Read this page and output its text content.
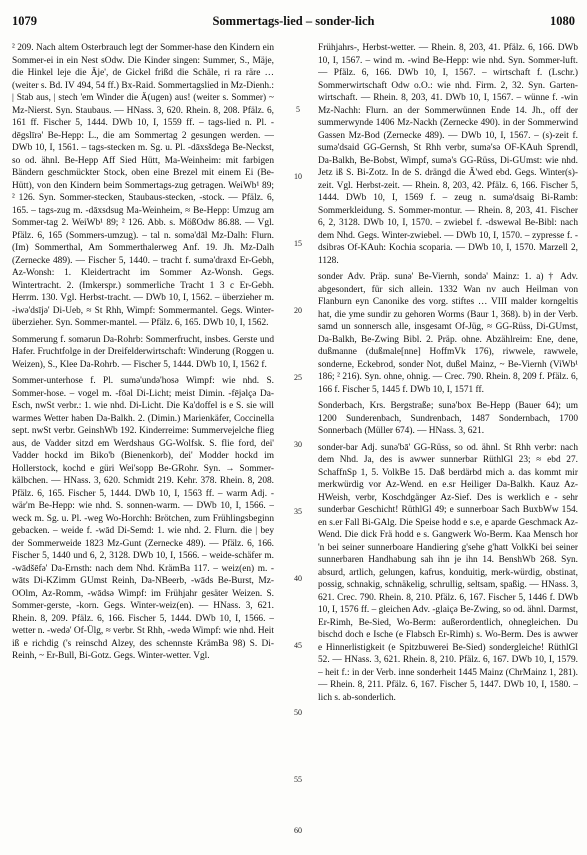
1079	Sommertags-lied – sonder-lich	1080

² 209. Nach altem Osterbrauch legt der Sommer-hase den Kindern ein Sommer-ei in ein Nest sOdw. Die Kinder singen: Summer, S., Mäje, die Hinkel leje die Äje', de Gickel frißd die Schäle, ri ra räre … (weiter s. Bd. IV 494, 54 ff.) Bx-Raid. Sommertagslied in Mz-Dienh.: | Stab aus, | stech 'em Winder die Ä(ugen) aus! (weiter s. Sommer) ~ Mz-Nierst. Syn. Staubaus. — HNass. 3, 620. Rhein. 8, 208. Pfälz. 6, 161 ff. Fischer 5, 1444. DWb 10, I, 1559 ff. – tags-lied n. Pl. -dēgslīrə' Be-Hepp: L., die am Sommertag 2 gesungen werden. — DWb 10, I, 1561. – tags-stecken m. Sg. u. Pl. -dāxsšdegə Be-Neckst, so od. ähnl. Be-Hepp Aff Sied Hütt, Ma-Weinheim: mit farbigen Bändern geschmückter Stock, oben eine Brezel mit einem Ei (Be-Hütt), von den Kindern beim Sommertags-zug getragen. WeiWb¹ 89; ² 126. Syn. Sommer-stecken, Staubaus-stecken, -stock. — Pfälz. 6, 165. – tags-zug m. -dāxsdsug Ma-Weinheim, ≈ Be-Hepp: Umzug am Sommer-tag 2. WeiWb¹ 89; ² 126. Abb. s. MößOdw 86.88. — Vgl. Pfälz. 6, 165 (Sommers-umzug). – tal n. somə'dāl Mz-Dalh: Flurn. (Im) Sommerthal, Am Sommerthalerweg Anf. 19. Jh. Mz-Dalh (Zernecke 489). — Fischer 5, 1440. – tracht f. sumə'draxd Er-Gebh, Az-Wonsh: 1. Kleidertracht im Sommer Az-Wonsh. Gegs. Wintertracht. 2. (Imkerspr.) sommerliche Tracht 1 3 c Er-Gebh. Herrm. 130. Vgl. Herbst-tracht. — DWb 10, I, 1562. – überzieher m. -iwə'dsījə' Di-Ueb, ≈ St Rhh, Wimpf: Sommermantel. Gegs. Winter-überzieher. Syn. Sommer-mantel. — Pfälz. 6, 165. DWb 10, I, 1562.

Sommerung f. somərun Da-Rohrb: Sommerfrucht, insbes. Gerste und Hafer. Fruchtfolge in der Dreifelderwirtschaft: Winderung (Roggen u. Weizen), S., Klee Da-Rohrb. — Fischer 5, 1444. DWb 10, I, 1562 f.

Sommer-unterhose f. Pl. sumə'undə'hosə Wimpf: wie nhd. S. Sommer-hose. – vogel m. -fōəl Di-Licht; meist Dimin. -fējəlçə Da-Esch, nwSt verbr.: 1. wie nhd. Di-Licht. Die Ka'doffel is e S. sie will warmes Wetter haben Da-Balkh. 2. (Dimin.) Marienkäfer, Coccinella sept. nwSt verbr. GeinshWb 192. Kinderreime: Summervejelche flieg aus, de Vadder sitzd em Werdshaus GG-Wolfsk. S. flie ford, dei' Vadder hockd im Biko'b (Bienenkorb), dei' Modder hockd im Hollerstock, kochd e güri Wei'sopp Be-GRohr. Syn. → Sommer-kälbchen. — HNass. 3, 620. Schmidt 219. Kehr. 378. Rhein. 8, 208. Pfälz. 6, 165. Fischer 5, 1444. DWb 10, I, 1563 ff. – warm Adj. -wär'm Be-Hepp: wie nhd. S. sonnen-warm. — DWb 10, I, 1566. – weck m. Sg. u. Pl. -weg Wo-Horchh: Brötchen, zum Frühlingsbeginn gebacken. – weide f. -wād Di-Semd: 1. wie nhd. 2. Flurn. die | bey der Sommerweide 1823 Mz-Gunt (Zernecke 489). — Pfälz. 6, 166. Fischer 5, 1440 und 6, 2, 3128. DWb 10, I, 1566. – weide-schäfer m. -wādšēfə' Da-Ernsth: nach dem Nhd. KrämBa 117. – weiz(en) m. -wāts Di-KZimm GUmst Reinh, Da-NBeerb, -wāds Be-Burst, Mz-OOlm, Az-Romm, -wādsə Wimpf: im Frühjahr gesäter Weizen. S. Sommer-gerste, -korn. Gegs. Winter-weiz(en). — HNass. 3, 621. Rhein. 8, 209. Pfälz. 6, 166. Fischer 5, 1444. DWb 10, I, 1566. – wetter n. -wedə' Of-Ülg, ≈ verbr. St Rhh, -wedə Wimpf: wie nhd. Heit iß e richdig ('s reinschd Alzey, des schennste KrämBa 98) S. Di-Reinh, ~ Er-Bull, Bi-Gotz. Gegs. Winter-wetter. Vgl.

5
10
15
20
25
30
35
40
45
50
55
60

Frühjahrs-, Herbst-wetter. — Rhein. 8, 203, 41. Pfälz. 6, 166. DWb 10, I, 1567. – wind m. -wind Be-Hepp: wie nhd. Syn. Sommer-luft. — Pfälz. 6, 166. DWb 10, I, 1567. – wirtschaft f. (Lschr.) Sommerwirtschaft Odw o.O.: wie nhd. Firm. 2, 32. Syn. Garten-wirtschaft. — Rhein. 8, 203, 41. DWb 10, I, 1567. – wünne f. -win Mz-Nachh: Flurn. an der Sommerwünnen Ende 14. Jh., off der summerwynde 1406 Mz-Nackh (Zernecke 490). in der Sommerwind Gassen Mz-Bod (Zernecke 489). — DWb 10, I, 1567. – (s)-zeit f. sumə'dsaid GG-Gernsh, St Rhh verbr, sumə'sə OF-KAuh Sprendl, Da-Balkh, Be-Bobst, Wimpf, sumə's GG-Rüss, Di-GUmst: wie nhd. Jetz iß S. Bi-Zotz. In de S. drängd die Ä'wed ebd. Gegs. Winter(s)-zeit. Vgl. Herbst-zeit. — Rhein. 8, 203, 42. Pfälz. 6, 166. Fischer 5, 1444. DWb 10, I, 1569 f. – zeug n. sumə'dsaig Bi-Ramb: Sommerkleidung. S. Sommer-montur. — Rhein. 8, 203, 41. Fischer 6, 2, 3128. DWb 10, I, 1570. – zwiebel f. -dswewəl Be-Bibl: nach dem Nhd. Gegs. Winter-zwiebel. — DWb 10, I, 1570. – zypresse f. -dsibrəs Of-KAuh: Kochia scoparia. — DWb 10, I, 1570. Marzell 2, 1128.

sonder Adv. Präp. sunə' Be-Viernh, sondə' Mainz: 1. a) † Adv. abgesondert, für sich allein. 1332 Wan nv auch Heilman von Flanburn eyn Canonike des vorg. stiftes … VIII malder korngeltis hat, die yme sundir zu gehoren Worms (Baur 1, 368). b) in der Verb. samd un sonnersch alle, insgesamt Of-Jüg, ≈ GG-Rüss, Di-GUmst, Da-Balkh, Be-Zwing Bibl. 2. Präp. ohne. Abzählreim: Ene, dene, dußmanne (dußmale[nne] HoffmVk 176), riwwele, rawwele, sonderne, Eckebrod, sonder Not, dußel Mainz, ~ Be-Viernh (ViWb¹ 186; ² 216). Syn. ohne, ohnig. — Crec. 790. Rhein. 8, 209 f. Pfälz. 6, 166 f. Fischer 5, 1445 f. DWb 10, I, 1571 ff.

Sonderbach, Krs. Bergstraße; sunə'box Be-Hepp (Bauer 64); um 1200 Sunderenbach, Sundrenbach, 1487 Sondernbach, 1700 Sonnerbach (Müller 674). — HNass. 3, 621.

sonder-bar Adj. sunə'bā' GG-Rüss, so od. ähnl. St Rhh verbr: nach dem Nhd. Ja, des is awwer sunnerbar RüthlGl 23; ≈ ebd 27. SchaffnSp 1, 5. VolkBe 15. Daß berdärbd mich a. das kommt mir merkwürdig vor Az-Wend. en e.sr Heiliger Da-Balkh. Kauz Az-HWeish, verbr, Koschdgänger Az-Sief. Des is werklich e - sehr sunderbar Geschicht! RüthlGl 49; e sunnerboar Sach BuxbWw 154. en s.er Fall Bi-GAlg. Die Speise hodd e s.e, e aparde Geschmack Az-Wend. Die dick Frä hodd e s. Gangwerk Wo-Berm. Kaa Mensch hor 'n bei seiner sunnerboare Handiering g'sehe g'hatt VolkKi bei seiner sunnerbaren Handhabung sah ihn je ihn 14. BenshWb 268. Syn. absurd, artlich, gelungen, kafrus, konduitig, merk-würdig, obstinat, possig, schnakig, schnäkelig, schrullig, seltsam, spaßig. — HNass. 3, 621. Crec. 790. Rhein. 8, 210. Pfälz. 6, 167. Fischer 5, 1446 f. DWb 10, I, 1576 ff. – gleichen Adv. -glaiçə Be-Zwing, so od. ähnl. Darmst, Er-Rimh, Be-Sied, Wo-Berm: außerordentlich, ohnegleichen. Du bischd doch e Ische (e Flabsch Er-Rimh) s. Wo-Berm. Des is awwer e Hinnerlistigkeit (e Spitzbuwerei Be-Sied) sondergleiche! RüthlGl 52. — HNass. 3, 621. Rhein. 8, 210. Pfälz. 6, 167. DWb 10, I, 1579. – heit f.: in der Verb. inne sonderheit 1445 Mainz (ChrMainz 1, 281). — Rhein. 8, 211. Pfälz. 6, 167. Fischer 5, 1447. DWb 10, I, 1580. – lich s. ab-sonderlich.
